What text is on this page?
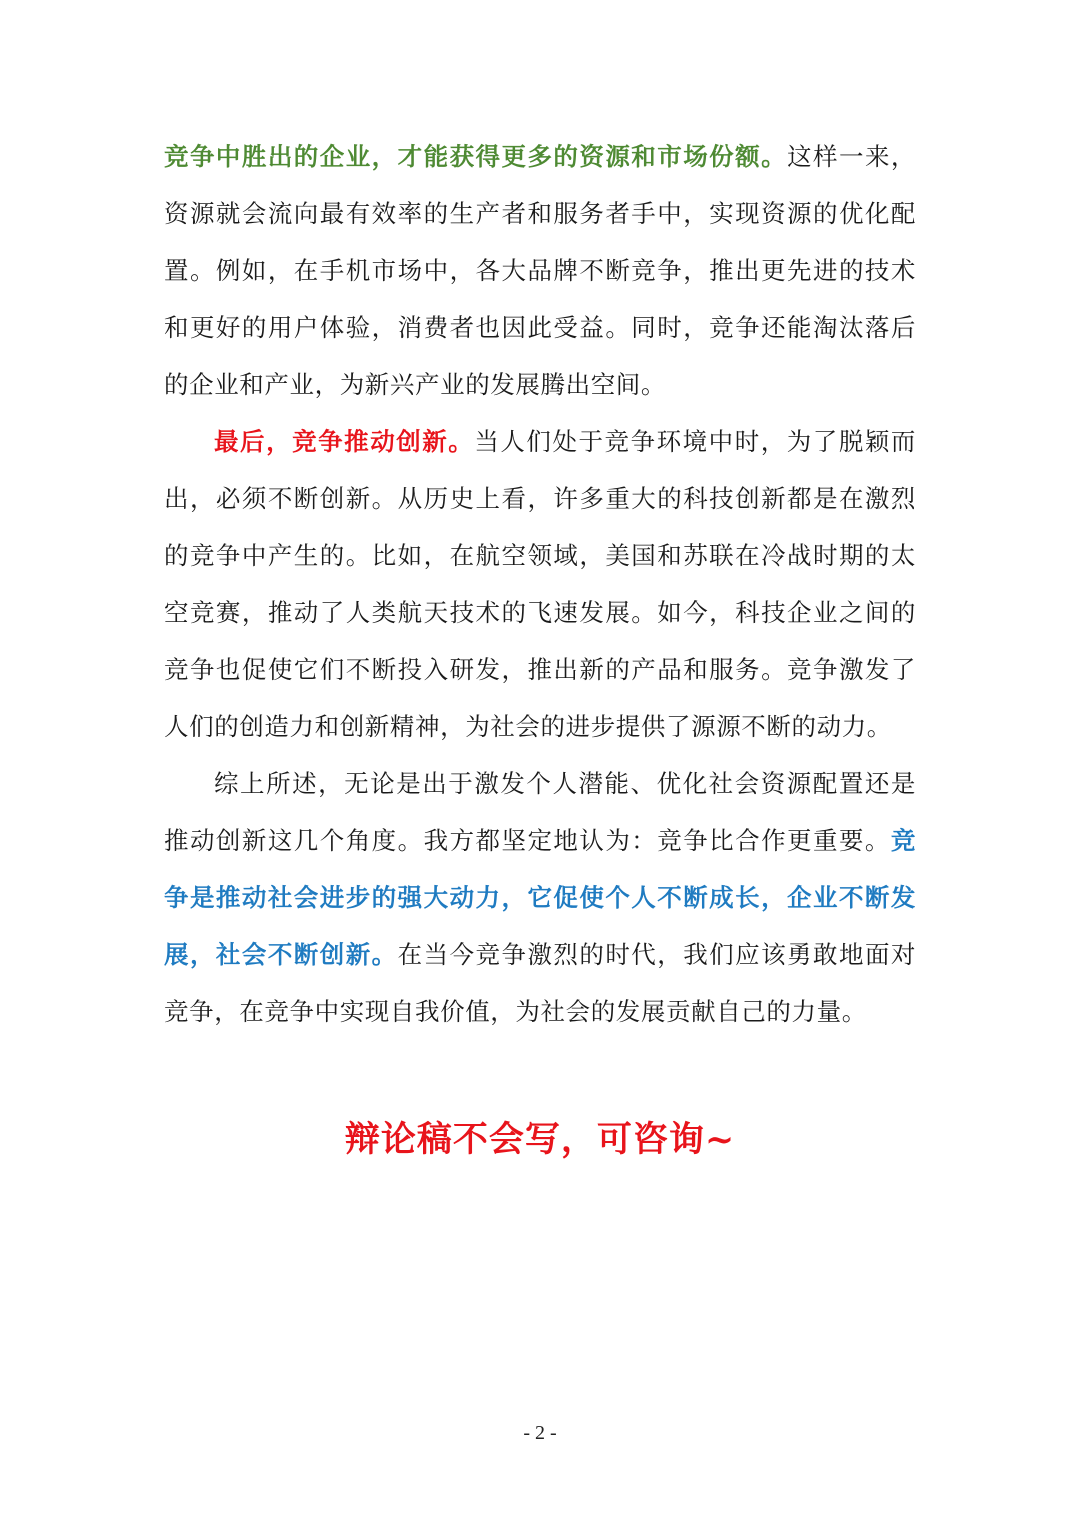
竞争中胜出的企业，才能获得更多的资源和市场份额。这样一来，资源就会流向最有效率的生产者和服务者手中，实现资源的优化配置。例如，在手机市场中，各大品牌不断竞争，推出更先进的技术和更好的用户体验，消费者也因此受益。同时，竞争还能淘汰落后的企业和产业，为新兴产业的发展腾出空间。

最后，竞争推动创新。当人们处于竞争环境中时，为了脱颖而出，必须不断创新。从历史上看，许多重大的科技创新都是在激烈的竞争中产生的。比如，在航空领域，美国和苏联在冷战时期的太空竞赛，推动了人类航天技术的飞速发展。如今，科技企业之间的竞争也促使它们不断投入研发，推出新的产品和服务。竞争激发了人们的创造力和创新精神，为社会的进步提供了源源不断的动力。

综上所述，无论是出于激发个人潜能、优化社会资源配置还是推动创新这几个角度。我方都坚定地认为：竞争比合作更重要。竞争是推动社会进步的强大动力，它促使个人不断成长，企业不断发展，社会不断创新。在当今竞争激烈的时代，我们应该勇敢地面对竞争，在竞争中实现自我价值，为社会的发展贡献自己的力量。

辩论稿不会写，可咨询~
- 2 -
